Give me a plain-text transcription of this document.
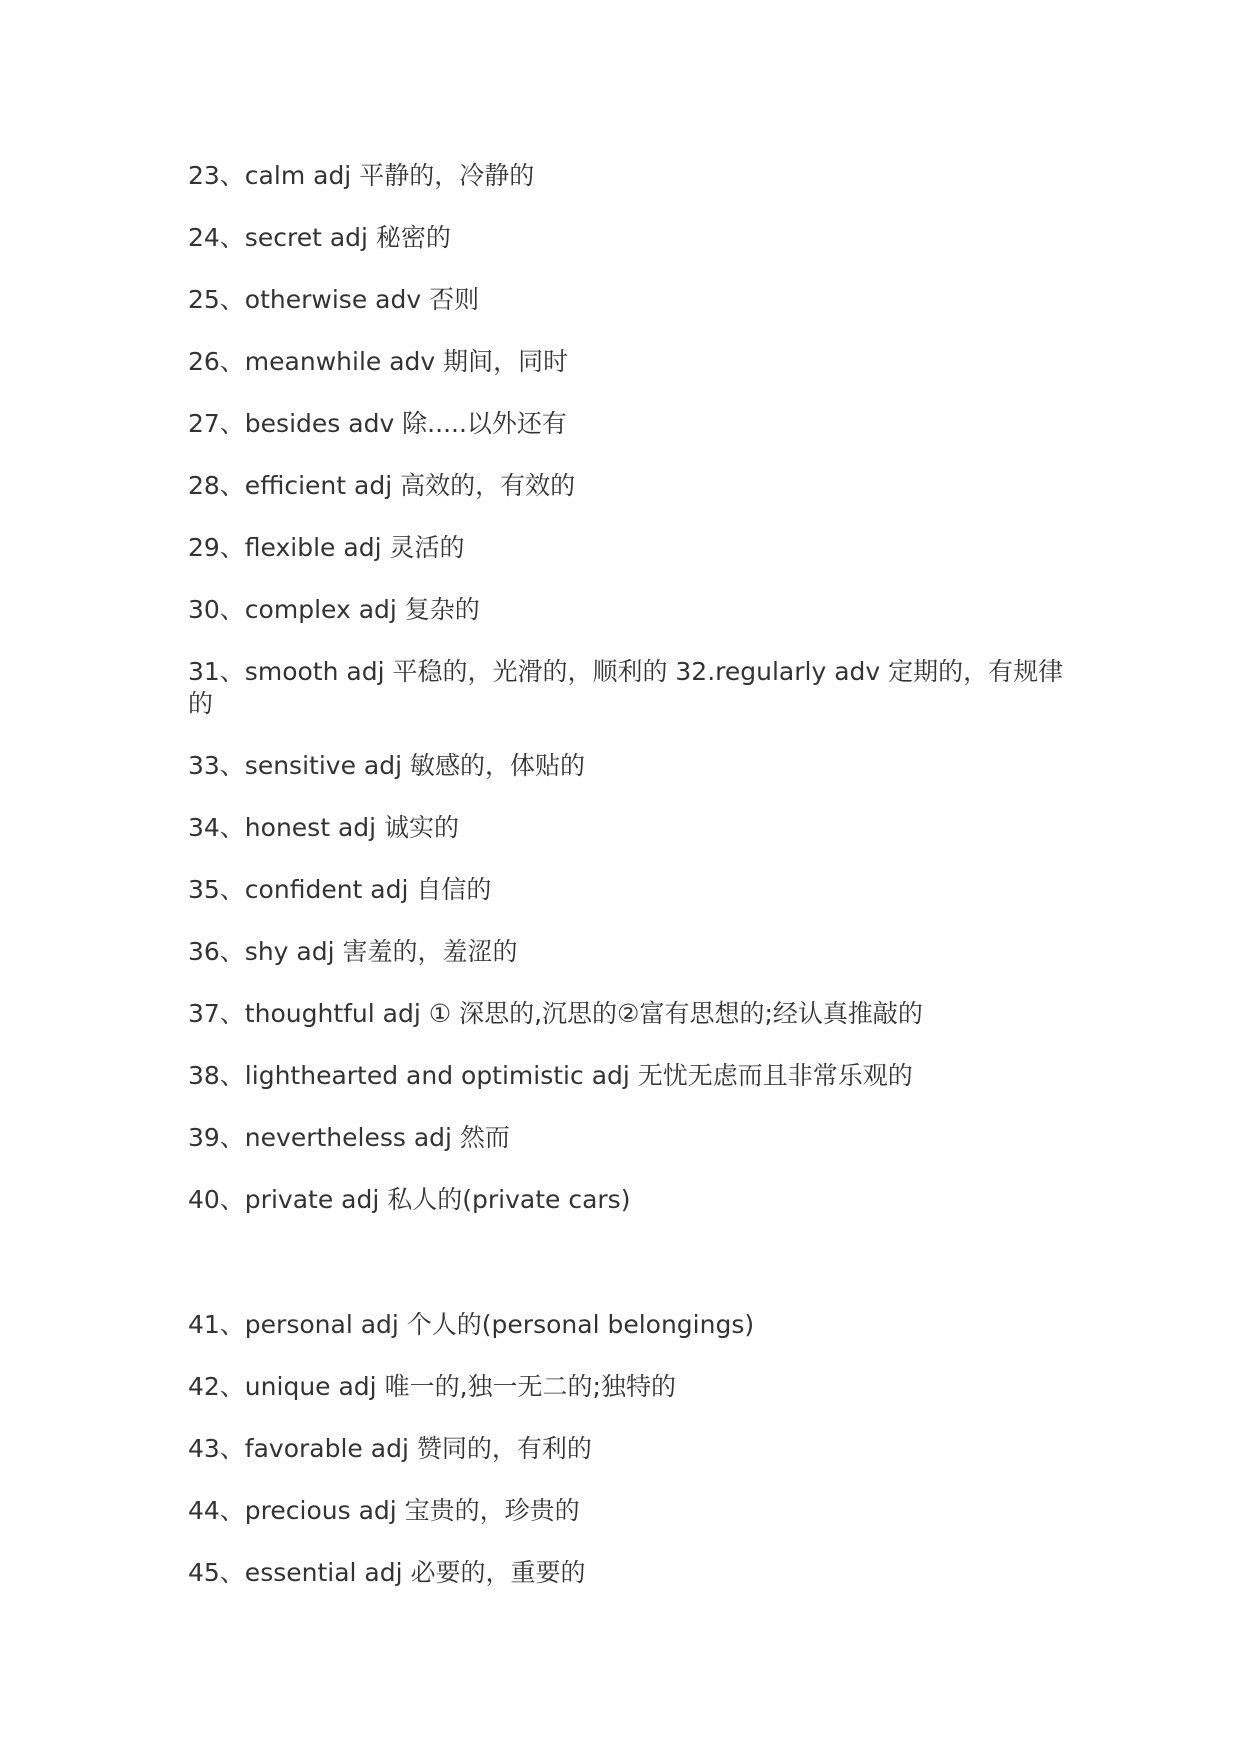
23、calm adj 平静的，冷静的
24、secret adj 秘密的
25、otherwise adv 否则
26、meanwhile adv 期间，同时
27、besides adv 除.....以外还有
28、efficient adj 高效的，有效的
29、flexible adj 灵活的
30、complex adj 复杂的
31、smooth adj 平稳的，光滑的，顺利的 32.regularly adv 定期的，有规律的
33、sensitive adj 敏感的，体贴的
34、honest adj 诚实的
35、confident adj 自信的
36、shy adj 害羞的，羞涩的
37、thoughtful adj ① 深思的,沉思的②富有思想的;经认真推敲的
38、lighthearted and optimistic adj 无忧无虑而且非常乐观的
39、nevertheless adj 然而
40、private adj 私人的(private cars)
41、personal adj 个人的(personal belongings)
42、unique adj 唯一的,独一无二的;独特的
43、favorable adj 赞同的，有利的
44、precious adj 宝贵的，珍贵的
45、essential adj 必要的，重要的
